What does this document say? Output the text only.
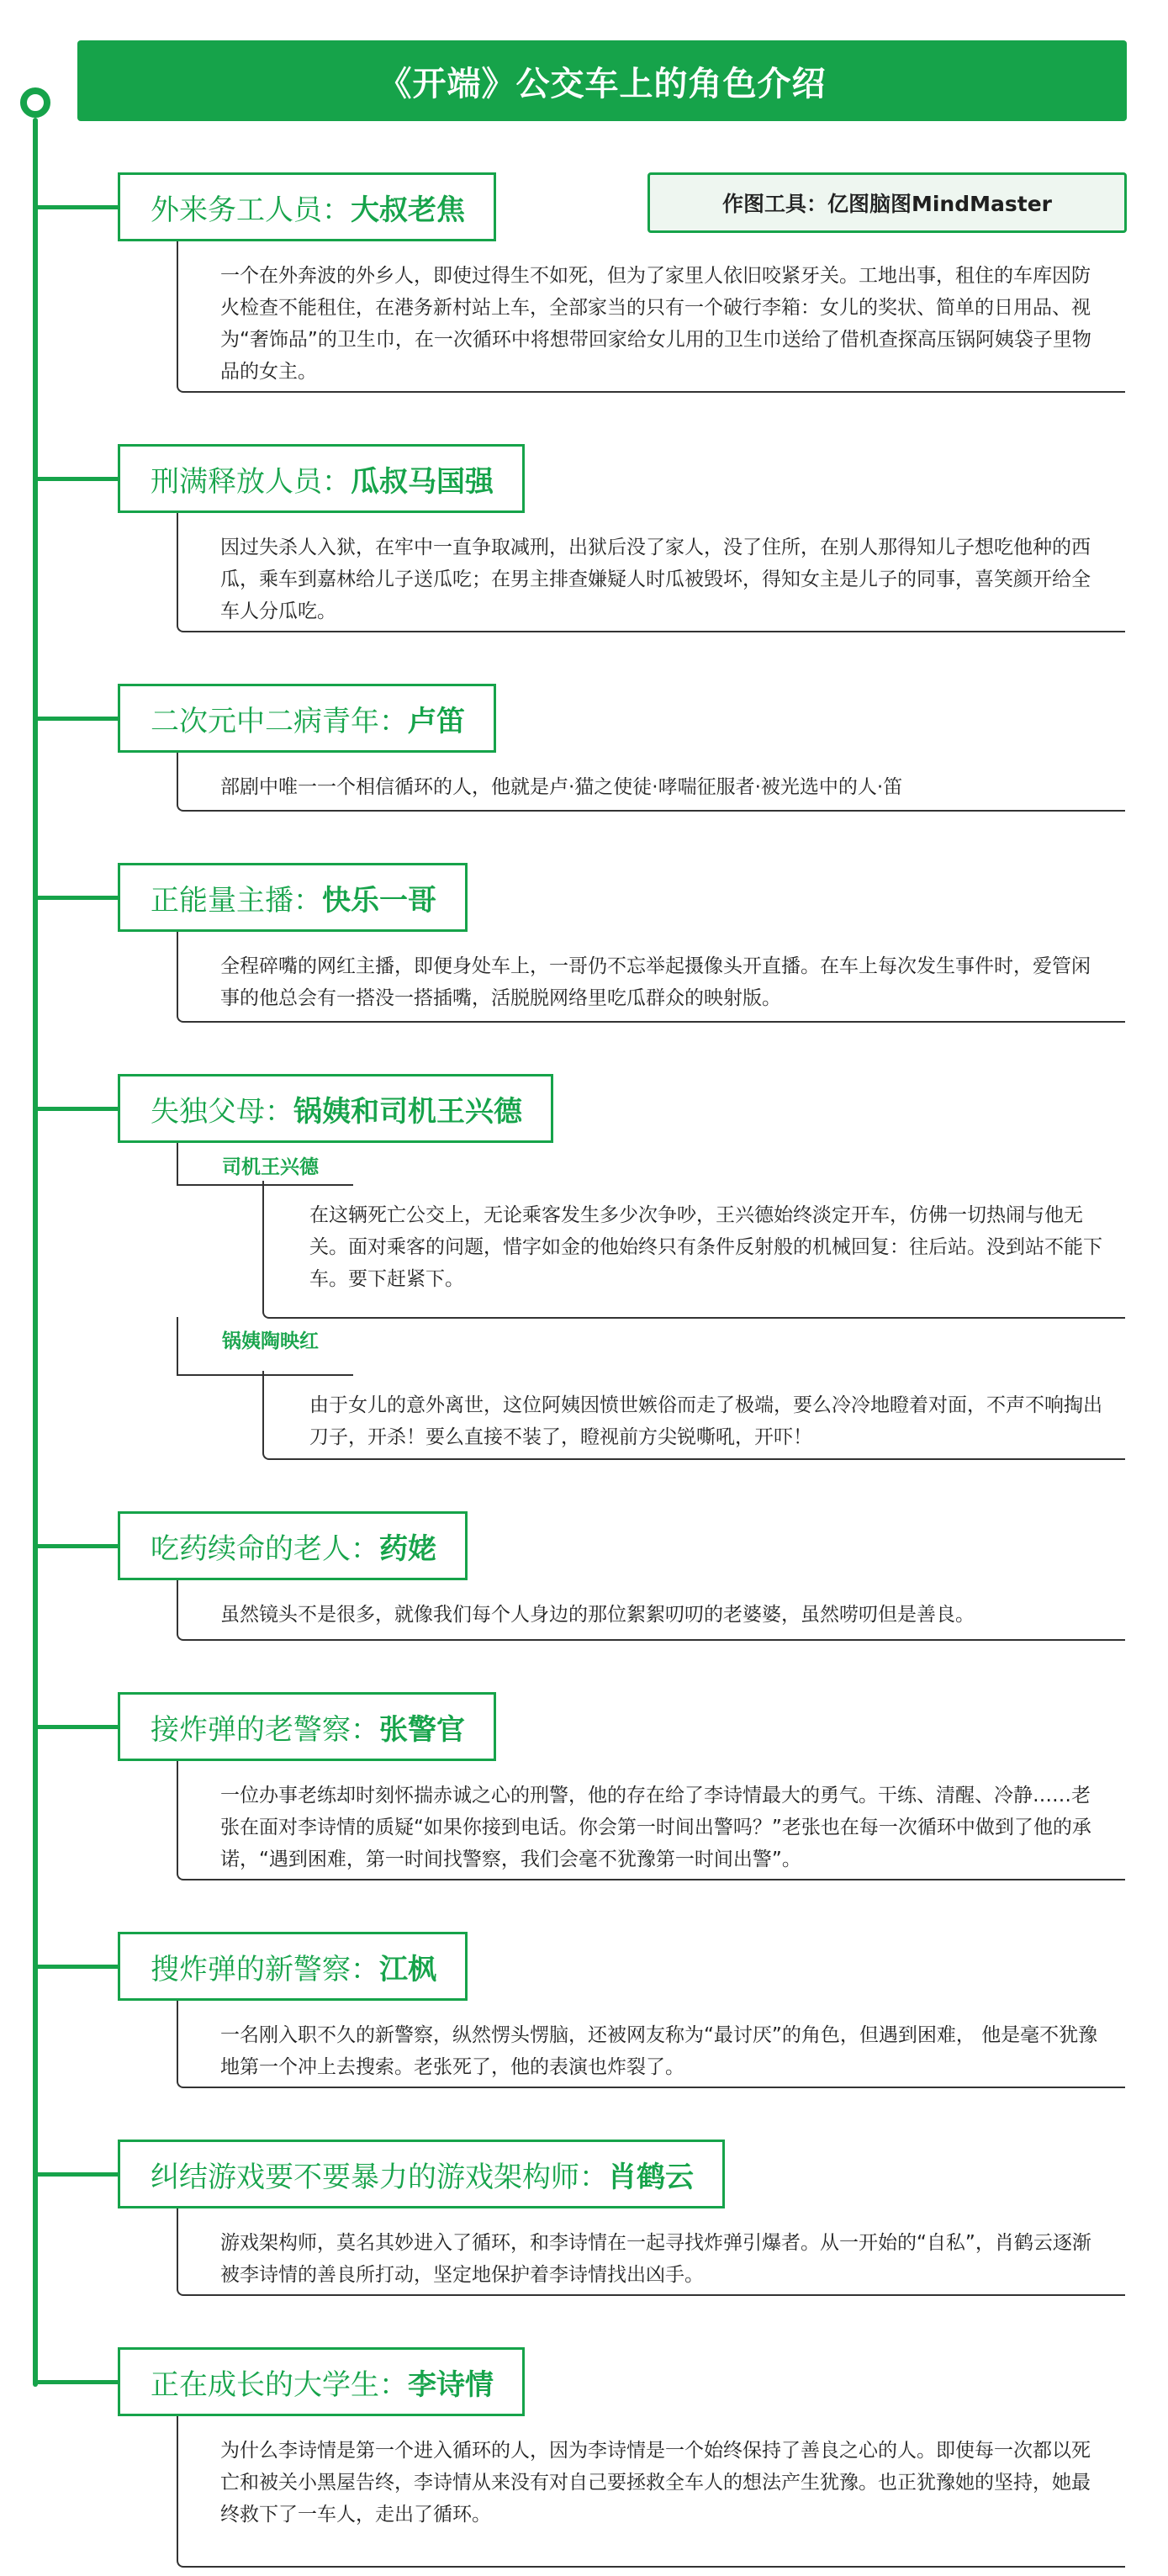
《开端》公交车上的角色介绍
作图工具：亿图脑图MindMaster
外来务工人员： 大叔老焦
一个在外奔波的外乡人，即使过得生不如死，但为了家里人依旧咬紧牙关。工地出事，租住的车库因防火检查不能租住，在港务新村站上车，全部家当的只有一个破行李箱：女儿的奖状、简单的日用品、视为“奢饰品”的卫生巾，在一次循环中将想带回家给女儿用的卫生巾送给了借机查探高压锅阿姨袋子里物品的女主。
刑满释放人员： 瓜叔马国强
因过失杀人入狱，在牢中一直争取减刑，出狱后没了家人，没了住所，在别人那得知儿子想吃他种的西瓜，乘车到嘉林给儿子送瓜吃；在男主排查嫌疑人时瓜被毁坏，得知女主是儿子的同事，喜笑颜开给全车人分瓜吃。
二次元中二病青年： 卢笛
部剧中唯一一个相信循环的人，他就是卢·猫之使徒·哮喘征服者·被光选中的人·笛
正能量主播： 快乐一哥
全程碎嘴的网红主播，即便身处车上，一哥仍不忘举起摄像头开直播。在车上每次发生事件时，爱管闲事的他总会有一搭没一搭插嘴，活脱脱网络里吃瓜群众的映射版。
失独父母： 锅姨和司机王兴德
司机王兴德
在这辆死亡公交上，无论乘客发生多少次争吵，王兴德始终淡定开车，仿佛一切热闹与他无关。面对乘客的问题，惜字如金的他始终只有条件反射般的机械回复：往后站。没到站不能下车。要下赶紧下。
锅姨陶映红
由于女儿的意外离世，这位阿姨因愤世嫉俗而走了极端，要么冷冷地瞪着对面，不声不响掏出刀子，开杀！要么直接不装了，瞪视前方尖锐嘶吼，开吓！
吃药续命的老人： 药姥
虽然镜头不是很多，就像我们每个人身边的那位絮絮叨叨的老婆婆，虽然唠叨但是善良。
接炸弹的老警察： 张警官
一位办事老练却时刻怀揣赤诚之心的刑警，他的存在给了李诗情最大的勇气。干练、清醒、冷静……老张在面对李诗情的质疑“如果你接到电话。你会第一时间出警吗？”老张也在每一次循环中做到了他的承诺，“遇到困难，第一时间找警察，我们会毫不犹豫第一时间出警”。
搜炸弹的新警察： 江枫
一名刚入职不久的新警察，纵然愣头愣脑，还被网友称为“最讨厌”的角色，但遇到困难， 他是毫不犹豫地第一个冲上去搜索。老张死了，他的表演也炸裂了。
纠结游戏要不要暴力的游戏架构师： 肖鹤云
游戏架构师，莫名其妙进入了循环，和李诗情在一起寻找炸弹引爆者。从一开始的“自私”，肖鹤云逐渐被李诗情的善良所打动，坚定地保护着李诗情找出凶手。
正在成长的大学生： 李诗情
为什么李诗情是第一个进入循环的人，因为李诗情是一个始终保持了善良之心的人。即使每一次都以死亡和被关小黑屋告终，李诗情从来没有对自己要拯救全车人的想法产生犹豫。也正犹豫她的坚持，她最终救下了一车人，走出了循环。
